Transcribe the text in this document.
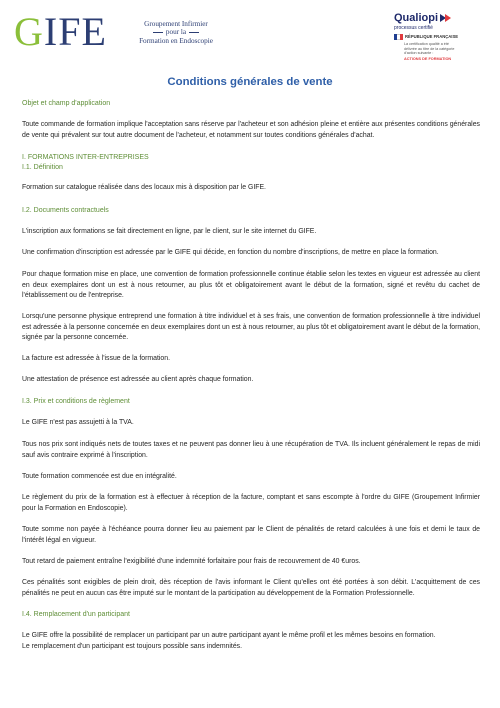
GIFE	Groupement Infirmier
pour la
Formation en Endoscopie
Qualiopi
processus certifié
RÉPUBLIQUE FRANÇAISE
La certification qualité a été délivrée au titre de la catégorie d'action suivante :
ACTIONS DE FORMATION
Conditions générales de vente
Objet et champ d'application
Toute commande de formation implique l'acceptation sans réserve par l'acheteur et son adhésion pleine et entière aux présentes conditions générales de vente qui prévalent sur tout autre document de l'acheteur, et notamment sur toutes conditions générales d'achat.
I. FORMATIONS INTER-ENTREPRISES
I.1. Définition
Formation sur catalogue réalisée dans des locaux mis à disposition par le GIFE.
I.2. Documents contractuels
L'inscription aux formations se fait directement en ligne, par le client, sur le site internet du GIFE.
Une confirmation d'inscription est adressée par le GIFE qui décide, en fonction du nombre d'inscriptions, de mettre en place la formation.
Pour chaque formation mise en place, une convention de formation professionnelle continue établie selon les textes en vigueur est adressée au client en deux exemplaires dont un est à nous retourner, au plus tôt et obligatoirement avant le début de la formation, signé et revêtu du cachet de l'établissement ou de l'entreprise.
Lorsqu'une personne physique entreprend une formation à titre individuel et à ses frais, une convention de formation professionnelle à titre individuel est adressée à la personne concernée en deux exemplaires dont un est à nous retourner, au plus tôt et obligatoirement avant le début de la formation, signée par la personne concernée.
La facture est adressée à l'issue de la formation.
Une attestation de présence est adressée au client après chaque formation.
I.3. Prix et conditions de règlement
Le GIFE n'est pas assujetti à la TVA.
Tous nos prix sont indiqués nets de toutes taxes et ne peuvent pas donner lieu à une récupération de TVA. Ils incluent généralement le repas de midi sauf avis contraire exprimé à l'inscription.
Toute formation commencée est due en intégralité.
Le règlement du prix de la formation est à effectuer à réception de la facture, comptant et sans escompte à l'ordre du GIFE (Groupement Infirmier pour la Formation en Endoscopie).
Toute somme non payée à l'échéance pourra donner lieu au paiement par le Client de pénalités de retard calculées à une fois et demi le taux de l'intérêt légal en vigueur.
Tout retard de paiement entraîne l'exigibilité d'une indemnité forfaitaire pour frais de recouvrement de 40 €uros.
Ces pénalités sont exigibles de plein droit, dès réception de l'avis informant le Client qu'elles ont été portées à son débit. L'acquittement de ces pénalités ne peut en aucun cas être imputé sur le montant de la participation au développement de la Formation Professionnelle.
I.4. Remplacement d'un participant
Le GIFE offre la possibilité de remplacer un participant par un autre participant ayant le même profil et les mêmes besoins en formation.
Le remplacement d'un participant est toujours possible sans indemnités.
